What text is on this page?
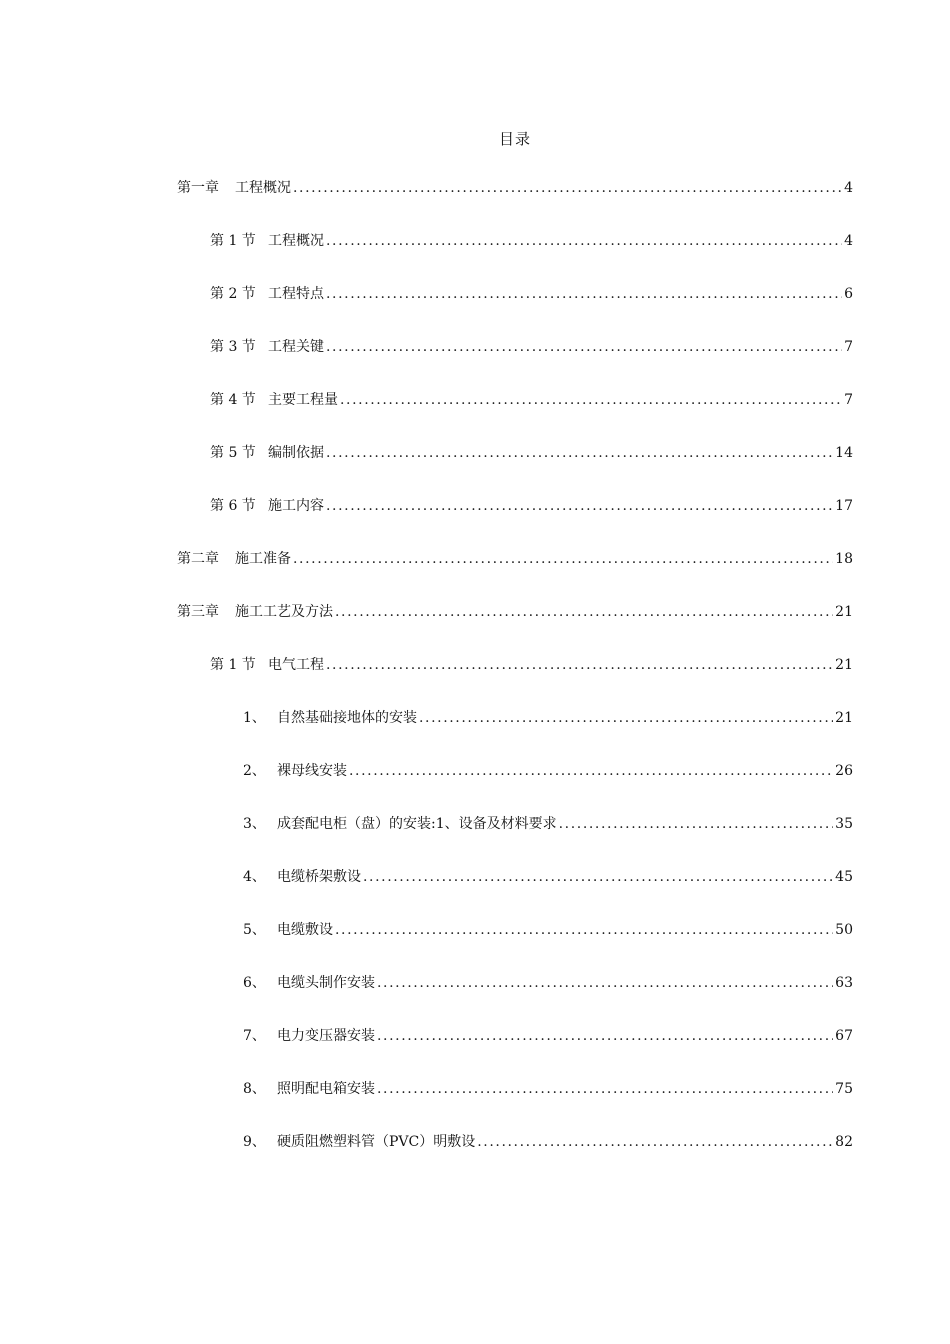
目录
第一章	工程概况 .....	4
第 1 节 工程概况 .....	4
第 2 节 工程特点 .....	6
第 3 节 工程关键 .....	7
第 4 节 主要工程量 .....	7
第 5 节 编制依据 .....	14
第 6 节 施工内容 .....	17
第二章	施工准备 .....	18
第三章	施工工艺及方法 .....	21
第 1 节 电气工程 .....	21
1、 自然基础接地体的安装 .....	21
2、 裸母线安装 .....	26
3、 成套配电柜（盘）的安装:1、设备及材料要求 .....	35
4、 电缆桥架敷设 .....	45
5、 电缆敷设 .....	50
6、 电缆头制作安装 .....	63
7、 电力变压器安装 .....	67
8、 照明配电箱安装 .....	75
9、 硬质阻燃塑料管（PVC）明敷设 .....	82
